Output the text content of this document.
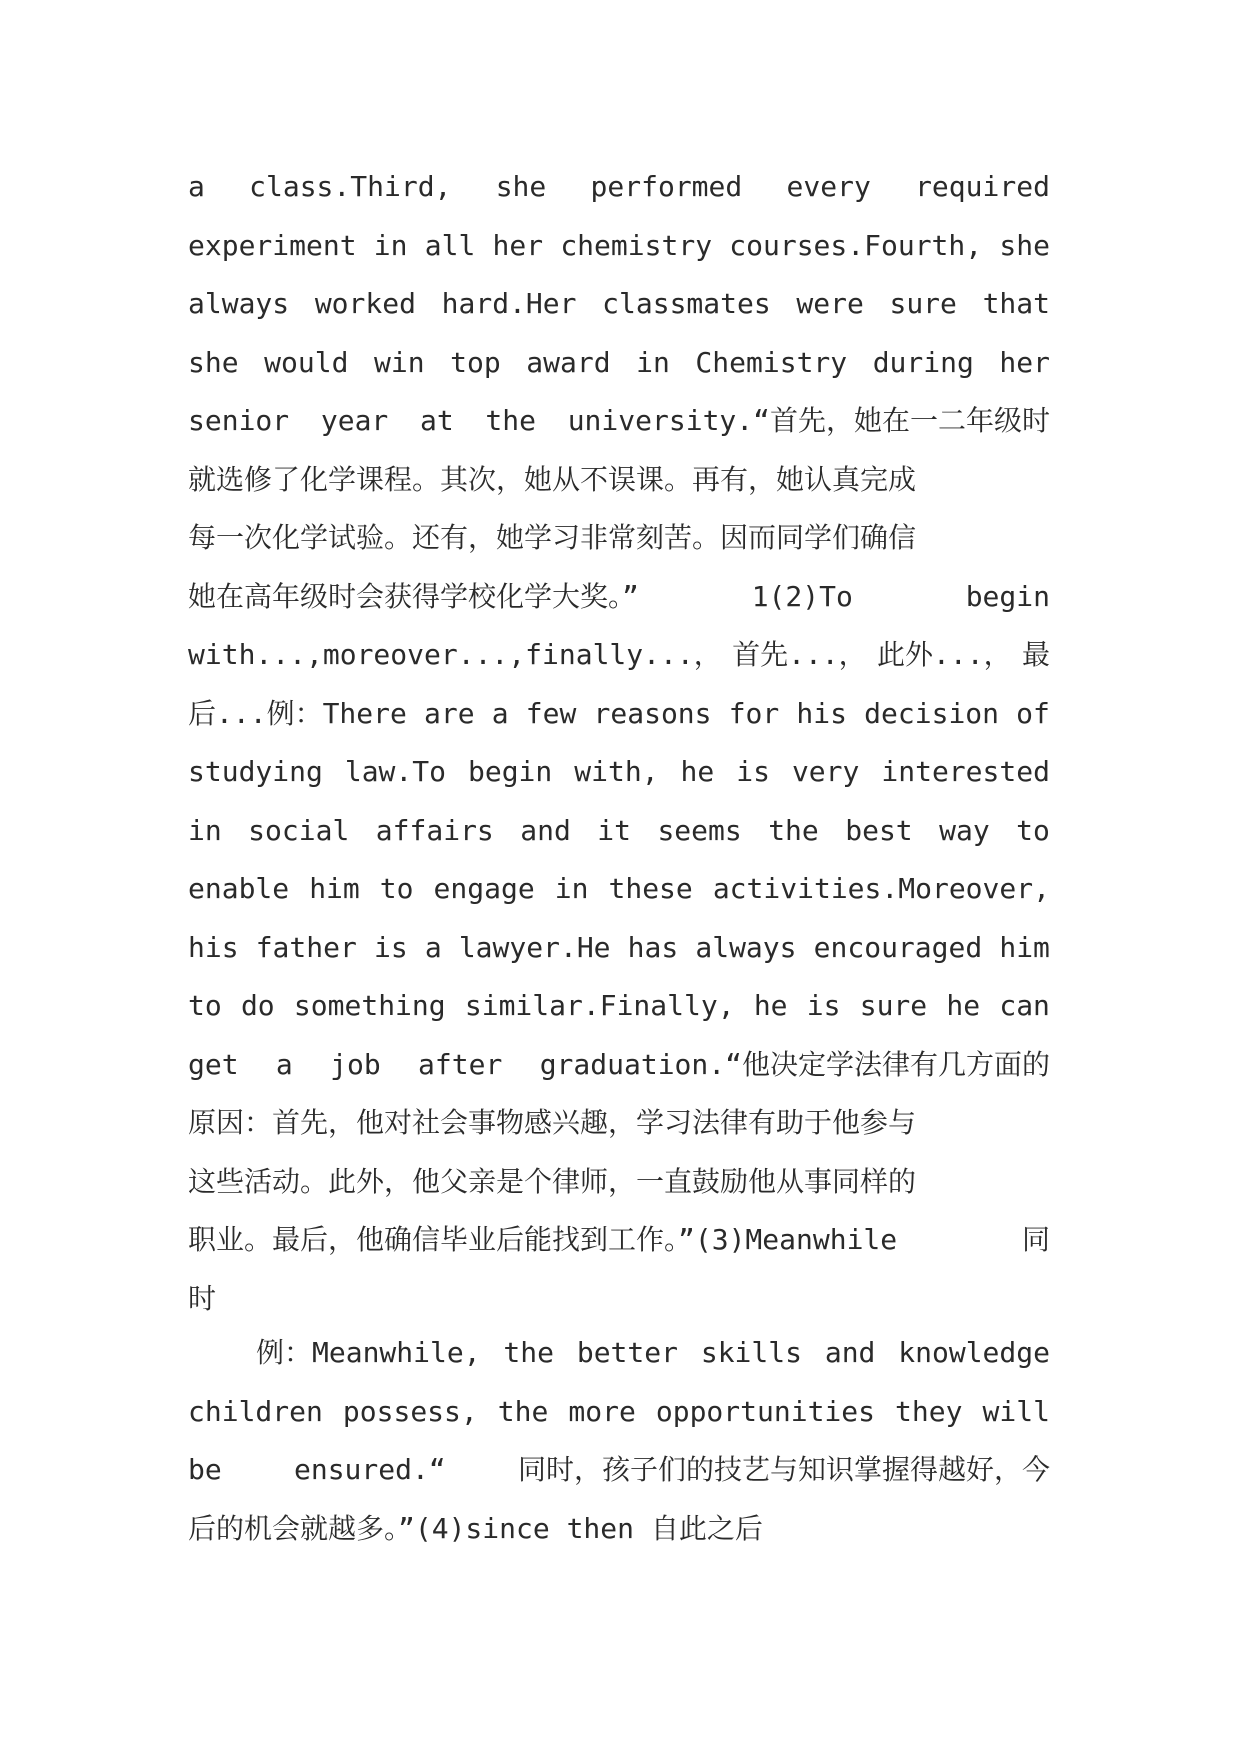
a class.Third, she performed every required
experiment in all her chemistry courses.Fourth, she
always worked hard.Her classmates were sure that
she would win top award in Chemistry during her
senior year at the university.“首先，她在一二年级时
就选修了化学课程。其次，她从不误课。再有，她认真完成
每一次化学试验。还有，她学习非常刻苦。因而同学们确信
她在高年级时会获得学校化学大奖。”	1(2)To	begin
with...,moreover...,finally...， 首先...， 此外...， 最
后...例：There are a few reasons for his decision of
studying law.To begin with, he is very interested
in social affairs and it seems the best way to
enable him to engage in these activities.Moreover,
his father is a lawyer.He has always encouraged him
to do something similar.Finally, he is sure he can
get a job after graduation.“他决定学法律有几方面的
原因：首先，他对社会事物感兴趣，学习法律有助于他参与
这些活动。此外，他父亲是个律师，一直鼓励他从事同样的
职业。最后，他确信毕业后能找到工作。”(3)Meanwhile	同
时
例：Meanwhile, the better skills and knowledge
children possess, the more opportunities they will
be	ensured.“	同时，孩子们的技艺与知识掌握得越好，今
后的机会就越多。”(4)since then 自此之后
